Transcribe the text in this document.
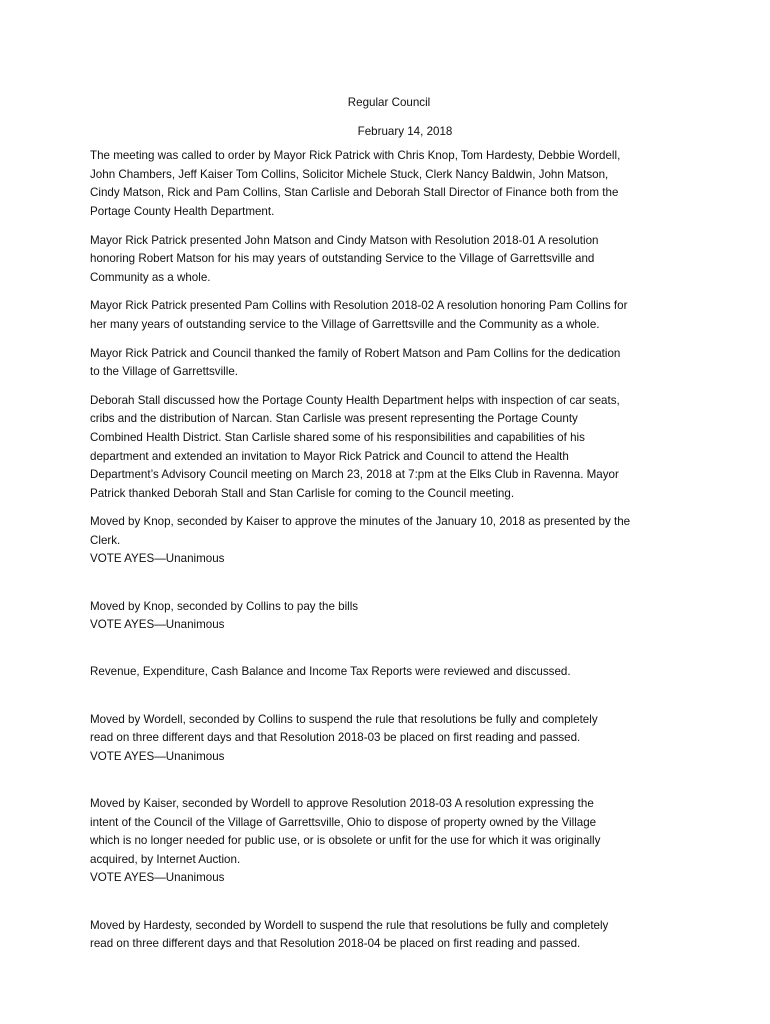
Regular Council
February 14, 2018
The meeting was called to order by Mayor Rick Patrick with Chris Knop, Tom Hardesty, Debbie Wordell,
John Chambers, Jeff Kaiser Tom Collins, Solicitor Michele Stuck, Clerk Nancy Baldwin, John Matson,
Cindy Matson, Rick and Pam Collins, Stan Carlisle and Deborah Stall Director of Finance both from the
Portage County Health Department.
Mayor Rick Patrick presented John Matson and Cindy Matson with Resolution 2018-01 A resolution
honoring Robert Matson for his may years of outstanding Service to the Village of Garrettsville and
Community as a whole.
Mayor Rick Patrick presented Pam Collins with Resolution 2018-02 A resolution honoring Pam Collins for
her many years of outstanding service to the Village of Garrettsville and the Community as a whole.
Mayor Rick Patrick and Council thanked the family of Robert Matson and Pam Collins for the dedication
to the Village of Garrettsville.
Deborah Stall discussed how the Portage County Health Department helps with inspection of car seats,
cribs and the distribution of Narcan. Stan Carlisle was present representing the Portage County
Combined Health District. Stan Carlisle shared some of his responsibilities and capabilities of his
department and extended an invitation to Mayor Rick Patrick and Council to attend the Health
Department’s Advisory Council meeting on March 23, 2018 at 7:pm at the Elks Club in Ravenna. Mayor
Patrick thanked Deborah Stall and Stan Carlisle for coming to the Council meeting.
Moved by Knop, seconded by Kaiser to approve the minutes of the January 10, 2018 as presented by the
Clerk.
VOTE AYES—Unanimous
Moved by Knop, seconded by Collins to pay the bills
VOTE AYES—Unanimous
Revenue, Expenditure, Cash Balance and Income Tax Reports were reviewed and discussed.
Moved by Wordell, seconded by Collins to suspend the rule that resolutions be fully and completely
read on three different days and that Resolution 2018-03 be placed on first reading and passed.
VOTE AYES—Unanimous
Moved by Kaiser, seconded by Wordell to approve Resolution 2018-03 A resolution expressing the
intent of the Council of the Village of Garrettsville, Ohio to dispose of property owned by the Village
which is no longer needed for public use, or is obsolete or unfit for the use for which it was originally
acquired, by Internet Auction.
VOTE AYES—Unanimous
Moved by Hardesty, seconded by Wordell to suspend the rule that resolutions be fully and completely
read on three different days and that Resolution 2018-04 be placed on first reading and passed.
